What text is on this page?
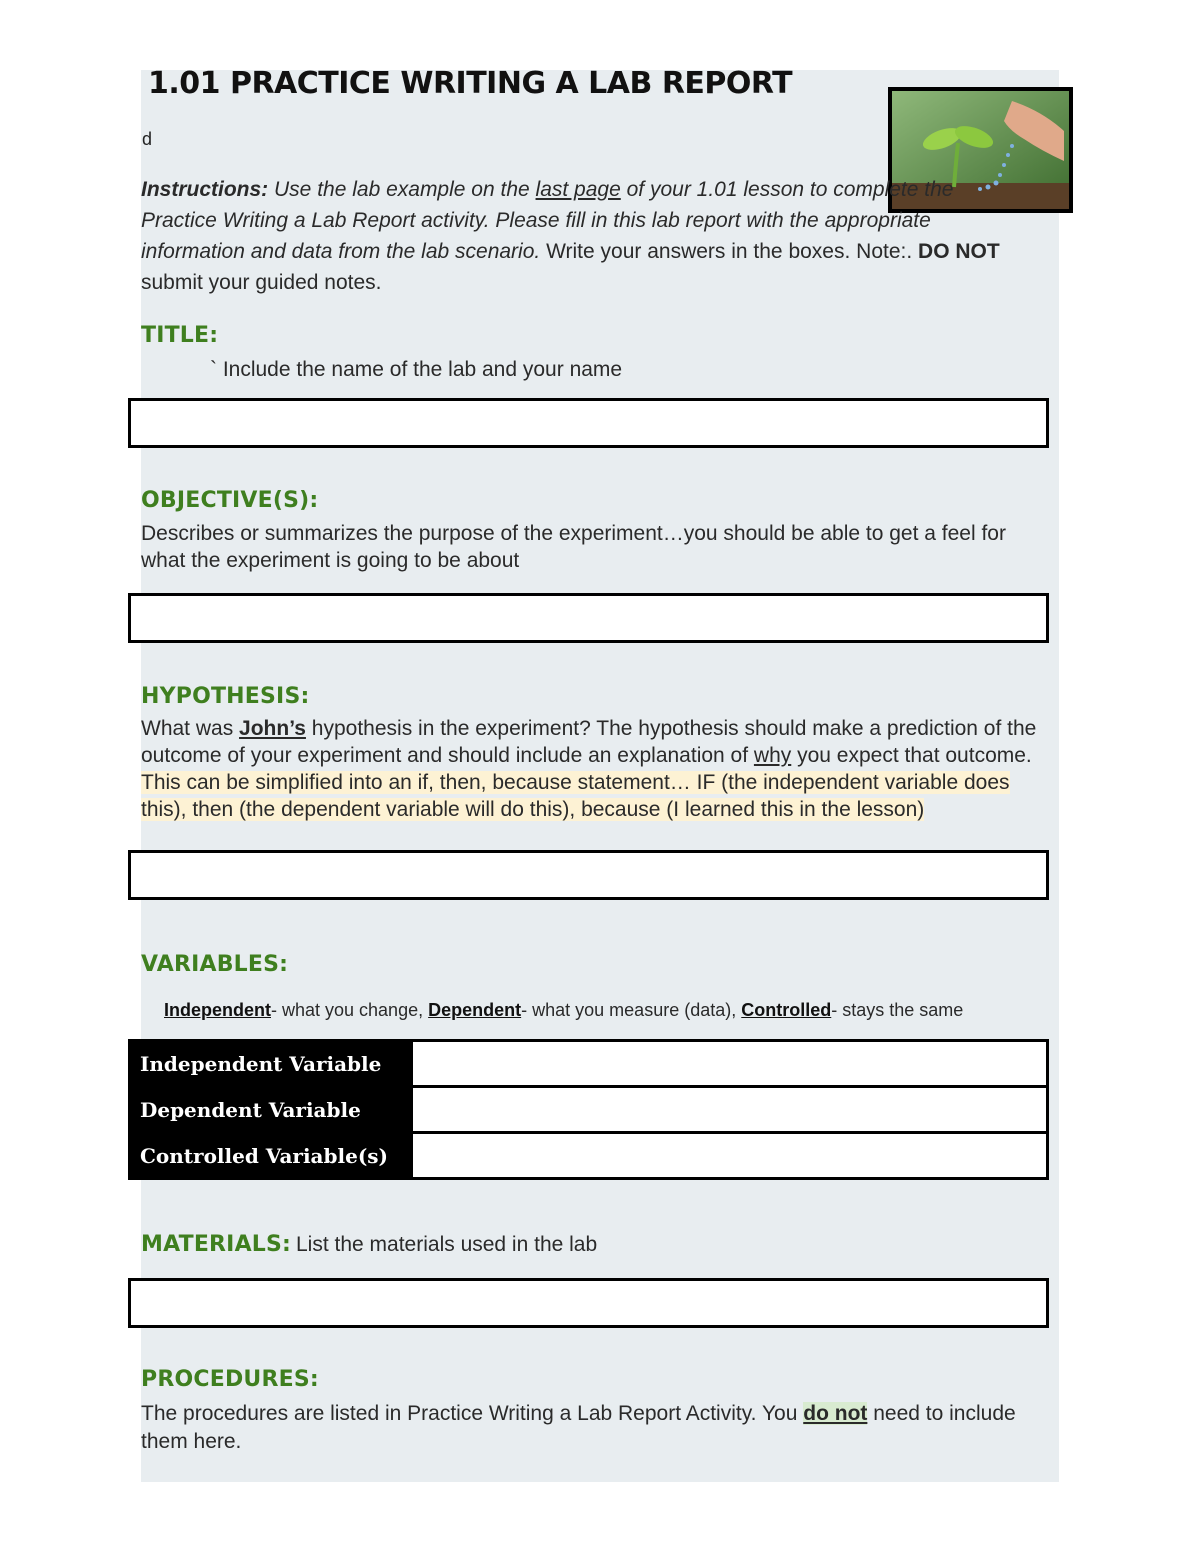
1.01 PRACTICE WRITING A LAB REPORT
d
Instructions: Use the lab example on the last page of your 1.01 lesson to complete the Practice Writing a Lab Report activity. Please fill in this lab report with the appropriate information and data from the lab scenario. Write your answers in the boxes. Note:. DO NOT submit your guided notes.
TITLE:
` Include the name of the lab and your name
OBJECTIVE(S):
Describes or summarizes the purpose of the experiment…you should be able to get a feel for what the experiment is going to be about
HYPOTHESIS:
What was John’s hypothesis in the experiment? The hypothesis should make a prediction of the outcome of your experiment and should include an explanation of why you expect that outcome. This can be simplified into an if, then, because statement… IF (the independent variable does this), then (the dependent variable will do this), because (I learned this in the lesson)
VARIABLES:
Independent- what you change, Dependent- what you measure (data), Controlled- stays the same
Independent Variable	
Dependent Variable	
Controlled Variable(s)	
MATERIALS: List the materials used in the lab
PROCEDURES:
The procedures are listed in Practice Writing a Lab Report Activity. You do not need to include them here.
